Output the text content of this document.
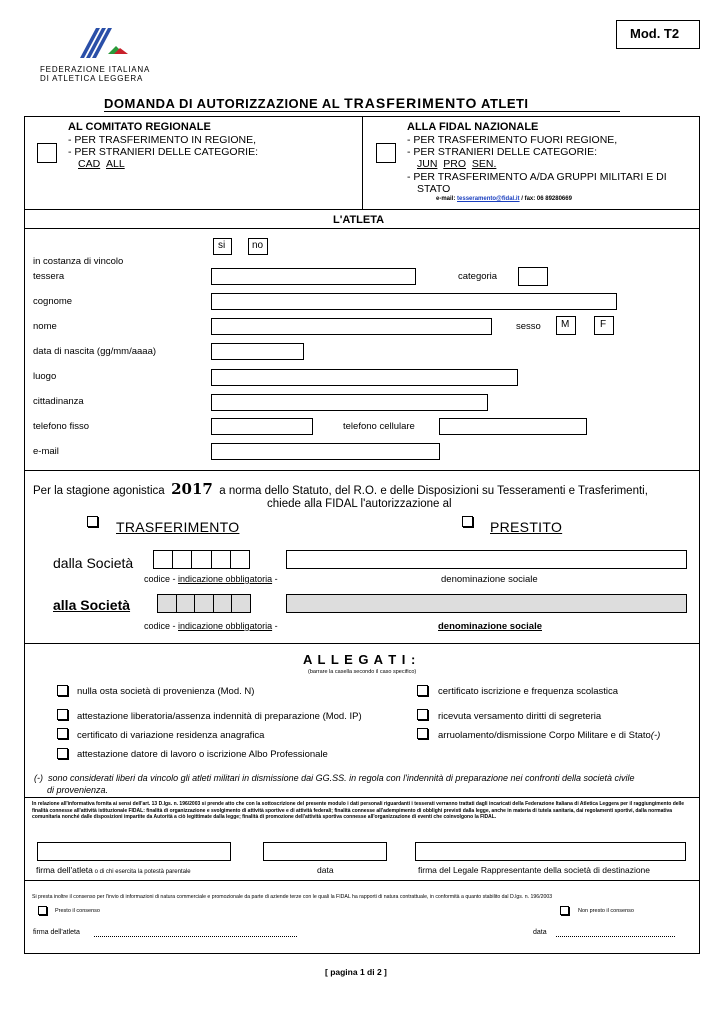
FEDERAZIONE ITALIANA
DI ATLETICA LEGGERA
Mod. T2
DOMANDA DI AUTORIZZAZIONE AL TRASFERIMENTO ATLETI
AL COMITATO REGIONALE
- PER TRASFERIMENTO IN REGIONE,
- PER STRANIERI DELLE CATEGORIE:
CAD ALL
ALLA FIDAL NAZIONALE
- PER TRASFERIMENTO FUORI REGIONE,
- PER STRANIERI DELLE CATEGORIE:
JUN PRO SEN.
- PER TRASFERIMENTO A/DA GRUPPI MILITARI E DI
STATO
e-mail: tesseramento@fidal.it / fax: 06 89280669
L'ATLETA
in costanza di vincolo
si	no
tessera	categoria
cognome
nome	sesso M	F
data di nascita (gg/mm/aaaa)
luogo
cittadinanza
telefono fisso	telefono cellulare
e-mail
Per la stagione agonistica 2017 a norma dello Statuto, del R.O. e delle Disposizioni su Tesseramenti e Trasferimenti,
chiede alla FIDAL l'autorizzazione al
TRASFERIMENTO	PRESTITO
dalla Società
codice - indicazione obbligatoria -	denominazione sociale
alla Società
codice - indicazione obbligatoria -	denominazione sociale
A L L E G A T I :
(barrare la casella secondo il caso specifico)
nulla osta società di provenienza (Mod. N)
attestazione liberatoria/assenza indennità di preparazione (Mod. IP)
certificato di variazione residenza anagrafica
attestazione datore di lavoro o iscrizione Albo Professionale
certificato iscrizione e frequenza scolastica
ricevuta versamento diritti di segreteria
arruolamento/dismissione Corpo Militare e di Stato(-)
(-) sono considerati liberi da vincolo gli atleti militari in dismissione dai GG.SS. in regola con l'indennità di preparazione nei confronti della società civile
di provenienza.
In relazione all'informativa fornita ai sensi dell'art. 13 D.lgs. n. 196/2003 si prende atto che con la sottoscrizione del presente modulo i dati personali riguardanti i tesserati verranno trattati dagli incaricati della Federazione Italiana di Atletica Leggera per il raggiungimento delle finalità connesse all'attività istituzionale FIDAL: finalità di organizzazione e svolgimento di attività sportive e di attività federali; finalità connesse all'adempimento di obblighi previsti dalla legge, anche in materia di tutela sanitaria, dai regolamenti sportivi, dalla normativa comunitaria nonché dalle disposizioni impartite da Autorità a ciò legittimate dalla legge; finalità di promozione dell'attività sportiva connesse all'organizzazione di eventi che coinvolgono la FIDAL.
firma dell'atleta o di chi esercita la potestà parentale	data	firma del Legale Rappresentante della società di destinazione
Si presta inoltre il consenso per l'invio di informazioni di natura commerciale e promozionale da parte di aziende terze con le quali la FIDAL ha rapporti di natura contrattuale, in conformità a quanto stabilito dal D.lgs. n. 196/2003
Presto il consenso	Non presto il consenso
firma dell'atleta	data
[ pagina 1 di 2 ]
